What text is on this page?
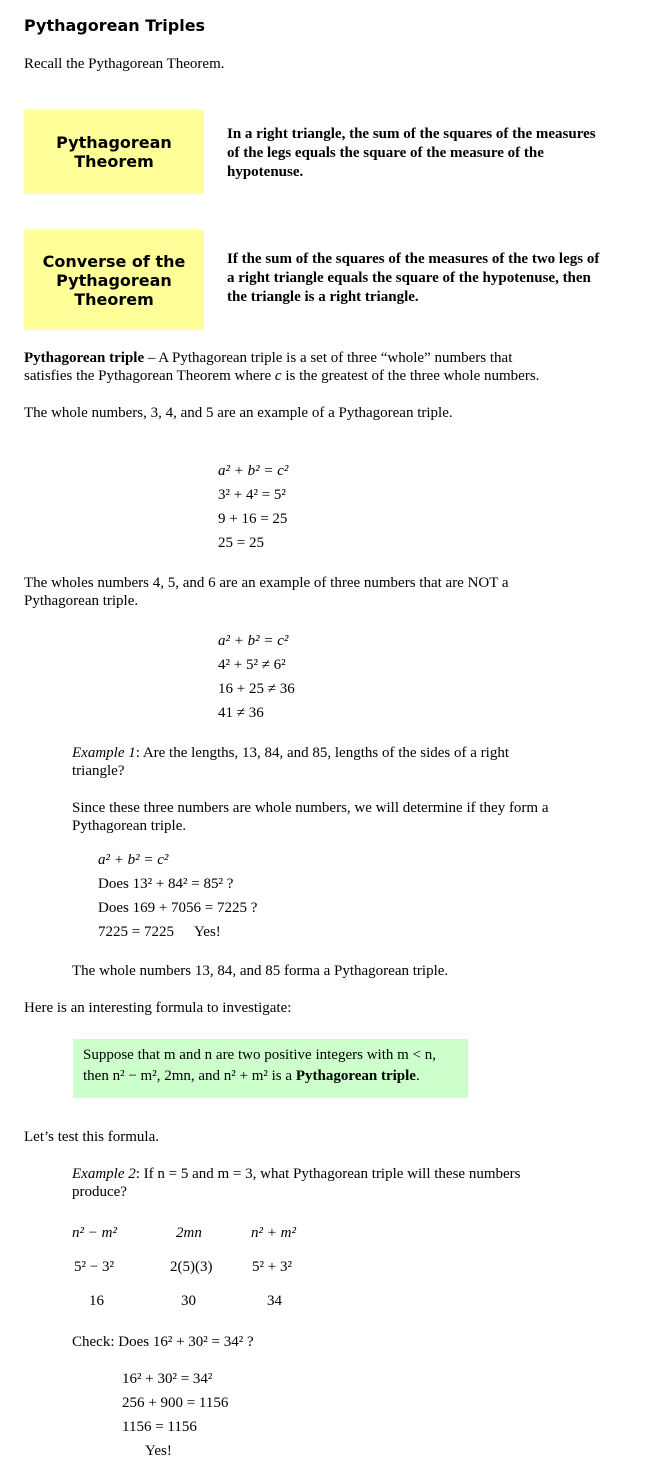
Pythagorean Triples
Recall the Pythagorean Theorem.
Pythagorean
Theorem
In a right triangle, the sum of the squares of the measures
of the legs equals the square of the measure of the
hypotenuse.
Converse of the
Pythagorean
Theorem
If the sum of the squares of the measures of the two legs of
a right triangle equals the square of the hypotenuse, then
the triangle is a right triangle.
Pythagorean triple – A Pythagorean triple is a set of three “whole” numbers that
satisfies the Pythagorean Theorem where c is the greatest of the three whole numbers.
The whole numbers, 3, 4, and 5 are an example of a Pythagorean triple.
a² + b² = c²
3² + 4² = 5²
9 + 16 = 25
25 = 25
The wholes numbers 4, 5, and 6 are an example of three numbers that are NOT a
Pythagorean triple.
a² + b² = c²
4² + 5² ≠ 6²
16 + 25 ≠ 36
41 ≠ 36
Example 1: Are the lengths, 13, 84, and 85, lengths of the sides of a right
triangle?
Since these three numbers are whole numbers, we will determine if they form a
Pythagorean triple.
a² + b² = c²
Does 13² + 84² = 85² ?
Does 169 + 7056 = 7225 ?
7225 = 7225 Yes!
The whole numbers 13, 84, and 85 forma a Pythagorean triple.
Here is an interesting formula to investigate:
Suppose that m and n are two positive integers with m < n,
then n² − m², 2mn, and n² + m² is a Pythagorean triple.
Let’s test this formula.
Example 2: If n = 5 and m = 3, what Pythagorean triple will these numbers
produce?
n² − m²	2mn	n² + m²
5² − 3²	2(5)(3)	5² + 3²
16	30	34
Check: Does 16² + 30² = 34² ?
16² + 30² = 34²
256 + 900 = 1156
1156 = 1156
Yes!
